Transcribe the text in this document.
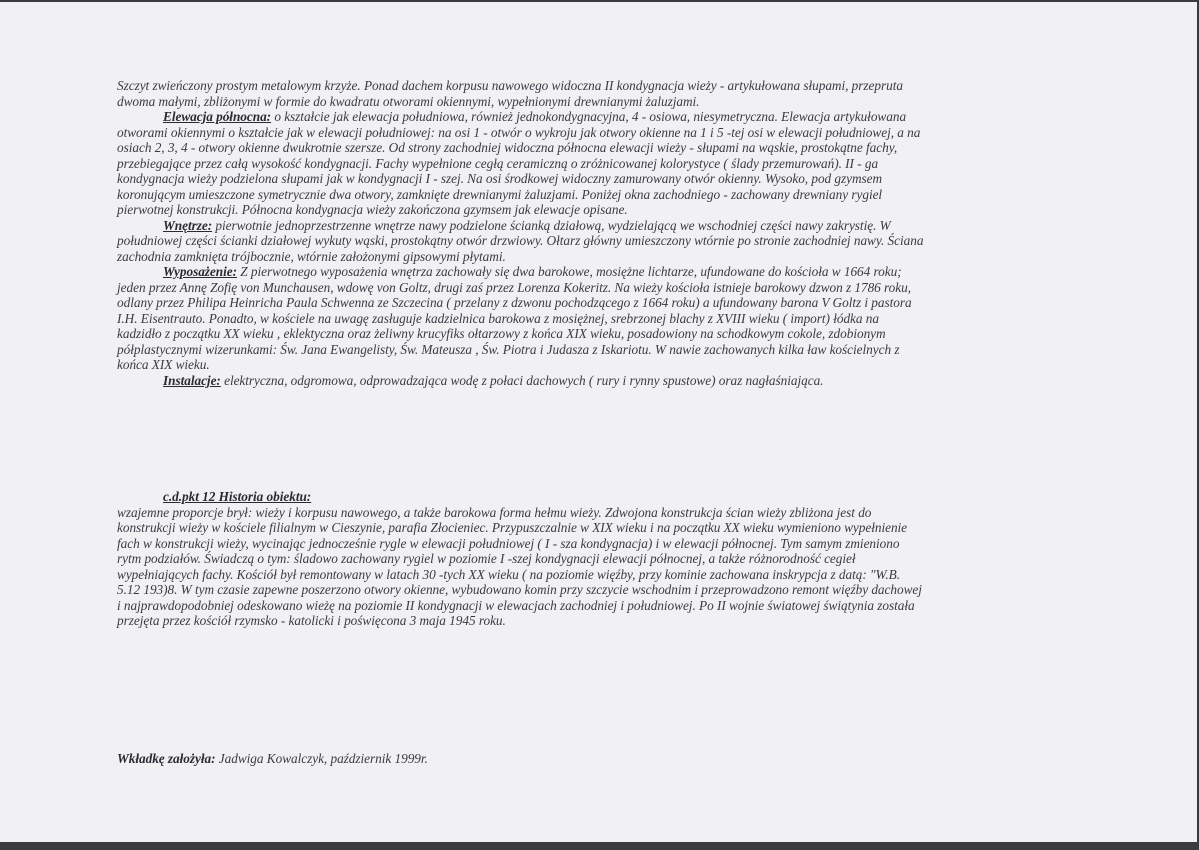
Szczyt zwieńczony prostym metalowym krzyże. Ponad dachem korpusu nawowego widoczna II kondygnacja wieży - artykułowana słupami, przepruta
dwoma małymi, zbliżonymi w formie do kwadratu otworami okiennymi, wypełnionymi drewnianymi żaluzjami.
Elewacja północna: o kształcie jak elewacja południowa, również jednokondygnacyjna, 4 - osiowa, niesymetryczna. Elewacja artykułowana
otworami okiennymi o kształcie jak w elewacji południowej: na osi 1 - otwór o wykroju jak otwory okienne na 1 i 5 -tej osi w elewacji południowej, a na
osiach 2, 3, 4 - otwory okienne dwukrotnie szersze. Od strony zachodniej widoczna północna elewacji wieży - słupami na wąskie, prostokątne fachy,
przebiegające przez całą wysokość kondygnacji. Fachy wypełnione cegłą ceramiczną o zróżnicowanej kolorystyce ( ślady przemurowań). II - ga
kondygnacja wieży podzielona słupami jak w kondygnacji I - szej. Na osi środkowej widoczny zamurowany otwór okienny. Wysoko, pod gzymsem
koronującym umieszczone symetrycznie dwa otwory, zamknięte drewnianymi żaluzjami. Poniżej okna zachodniego - zachowany drewniany rygiel
pierwotnej konstrukcji. Północna kondygnacja wieży zakończona gzymsem jak elewacje opisane.
Wnętrze: pierwotnie jednoprzestrzenne wnętrze nawy podzielone ścianką działową, wydzielającą we wschodniej części nawy zakrystię. W
południowej części ścianki działowej wykuty wąski, prostokątny otwór drzwiowy. Ołtarz główny umieszczony wtórnie po stronie zachodniej nawy. Ściana
zachodnia zamknięta trójbocznie, wtórnie założonymi gipsowymi płytami.
Wyposażenie: Z pierwotnego wyposażenia wnętrza zachowały się dwa barokowe, mosiężne lichtarze, ufundowane do kościoła w 1664 roku;
jeden przez Annę Zofię von Munchausen, wdowę von Goltz, drugi zaś przez Lorenza Kokeritz. Na wieży kościoła istnieje barokowy dzwon z 1786 roku,
odlany przez Philipa Heinricha Paula Schwenna ze Szczecina ( przelany z dzwonu pochodzącego z 1664 roku) a ufundowany barona V Goltz i pastora
I.H. Eisentrauto. Ponadto, w kościele na uwagę zasługuje kadzielnica barokowa z mosiężnej, srebrzonej blachy z XVIII wieku ( import) łódka na
kadzidło z początku XX wieku , eklektyczna oraz żeliwny krucyfiks ołtarzowy z końca XIX wieku, posadowiony na schodkowym cokole, zdobionym
półplastycznymi wizerunkami: Św. Jana Ewangelisty, Św. Mateusza , Św. Piotra i Judasza z Iskariotu. W nawie zachowanych kilka ław kościelnych z
końca XIX wieku.
Instalacje: elektryczna, odgromowa, odprowadzająca wodę z połaci dachowych ( rury i rynny spustowe) oraz nagłaśniająca.
c.d.pkt 12 Historia obiektu:
wzajemne proporcje brył: wieży i korpusu nawowego, a także barokowa forma hełmu wieży. Zdwojona konstrukcja ścian wieży zbliżona jest do
konstrukcji wieży w kościele filialnym w Cieszynie, parafia Złocieniec. Przypuszczalnie w XIX wieku i na początku XX wieku wymieniono wypełnienie
fach w konstrukcji wieży, wycinając jednocześnie rygle w elewacji południowej ( I - sza kondygnacja) i w elewacji północnej. Tym samym zmieniono
rytm podziałów. Świadczą o tym: śladowo zachowany rygiel w poziomie I -szej kondygnacji elewacji północnej, a także różnorodność cegieł
wypełniających fachy. Kościół był remontowany w latach 30 -tych XX wieku ( na poziomie więźby, przy kominie zachowana inskrypcja z datą: "W.B.
5.12 193)8. W tym czasie zapewne poszerzono otwory okienne, wybudowano komin przy szczycie wschodnim i przeprowadzono remont więźby dachowej
i najprawdopodobniej odeskowano wieżę na poziomie II kondygnacji w elewacjach zachodniej i południowej. Po II wojnie światowej świątynia została
przejęta przez kościół rzymsko - katolicki i poświęcona 3 maja 1945 roku.
Wkładkę założyła: Jadwiga Kowalczyk, październik 1999r.
